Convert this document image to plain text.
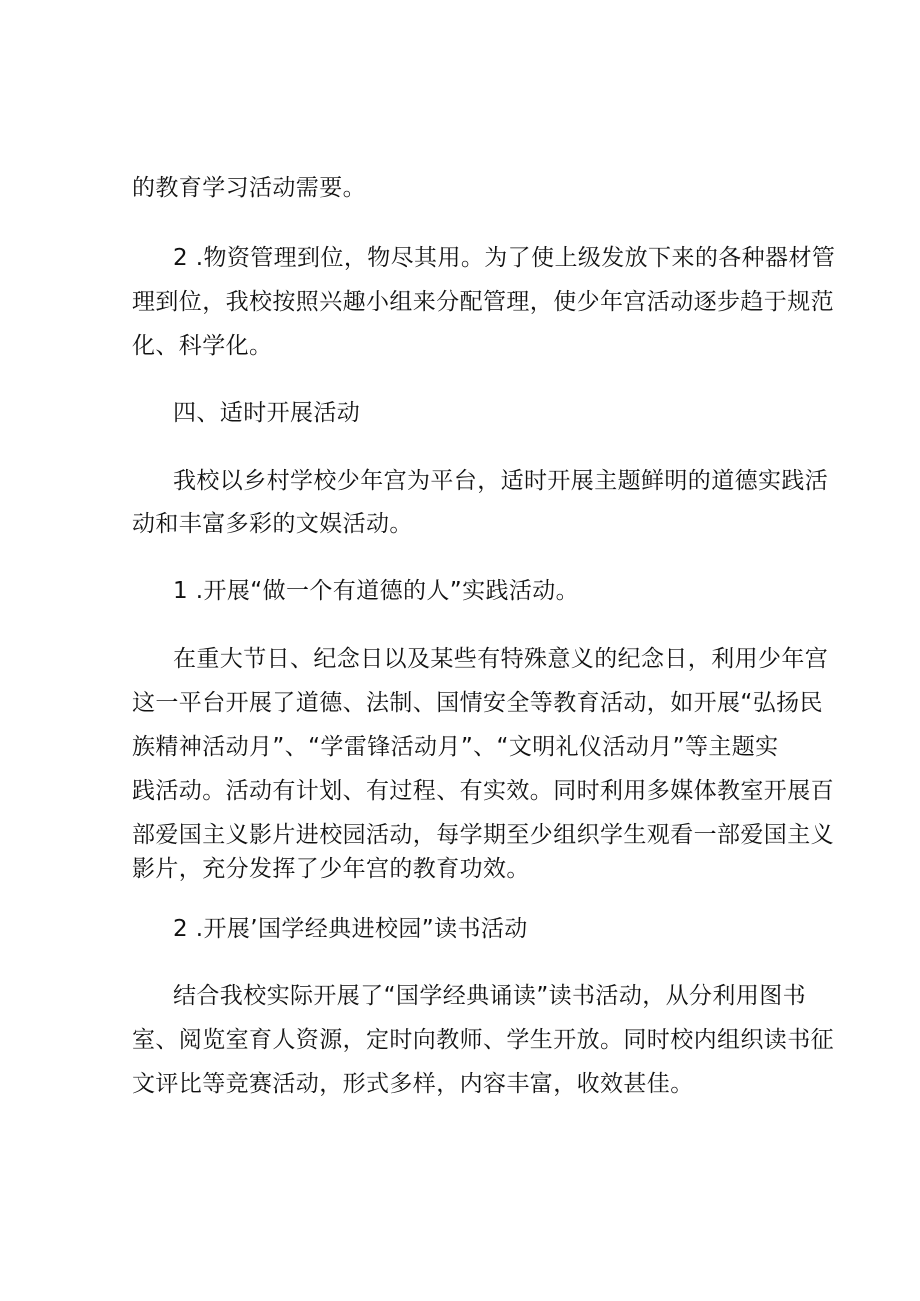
的教育学习活动需要。
2 .物资管理到位，物尽其用。为了使上级发放下来的各种器材管
理到位，我校按照兴趣小组来分配管理，使少年宫活动逐步趋于规范
化、科学化。
四、适时开展活动
我校以乡村学校少年宫为平台，适时开展主题鲜明的道德实践活
动和丰富多彩的文娱活动。
1 .开展“做一个有道德的人”实践活动。
在重大节日、纪念日以及某些有特殊意义的纪念日，利用少年宫
这一平台开展了道德、法制、国情安全等教育活动，如开展“弘扬民
族精神活动月”、“学雷锋活动月”、“文明礼仪活动月”等主题实
践活动。活动有计划、有过程、有实效。同时利用多媒体教室开展百
部爱国主义影片进校园活动，每学期至少组织学生观看一部爱国主义
影片，充分发挥了少年宫的教育功效。
2 .开展’国学经典进校园”读书活动
结合我校实际开展了“国学经典诵读”读书活动，从分利用图书
室、阅览室育人资源，定时向教师、学生开放。同时校内组织读书征
文评比等竞赛活动，形式多样，内容丰富，收效甚佳。
